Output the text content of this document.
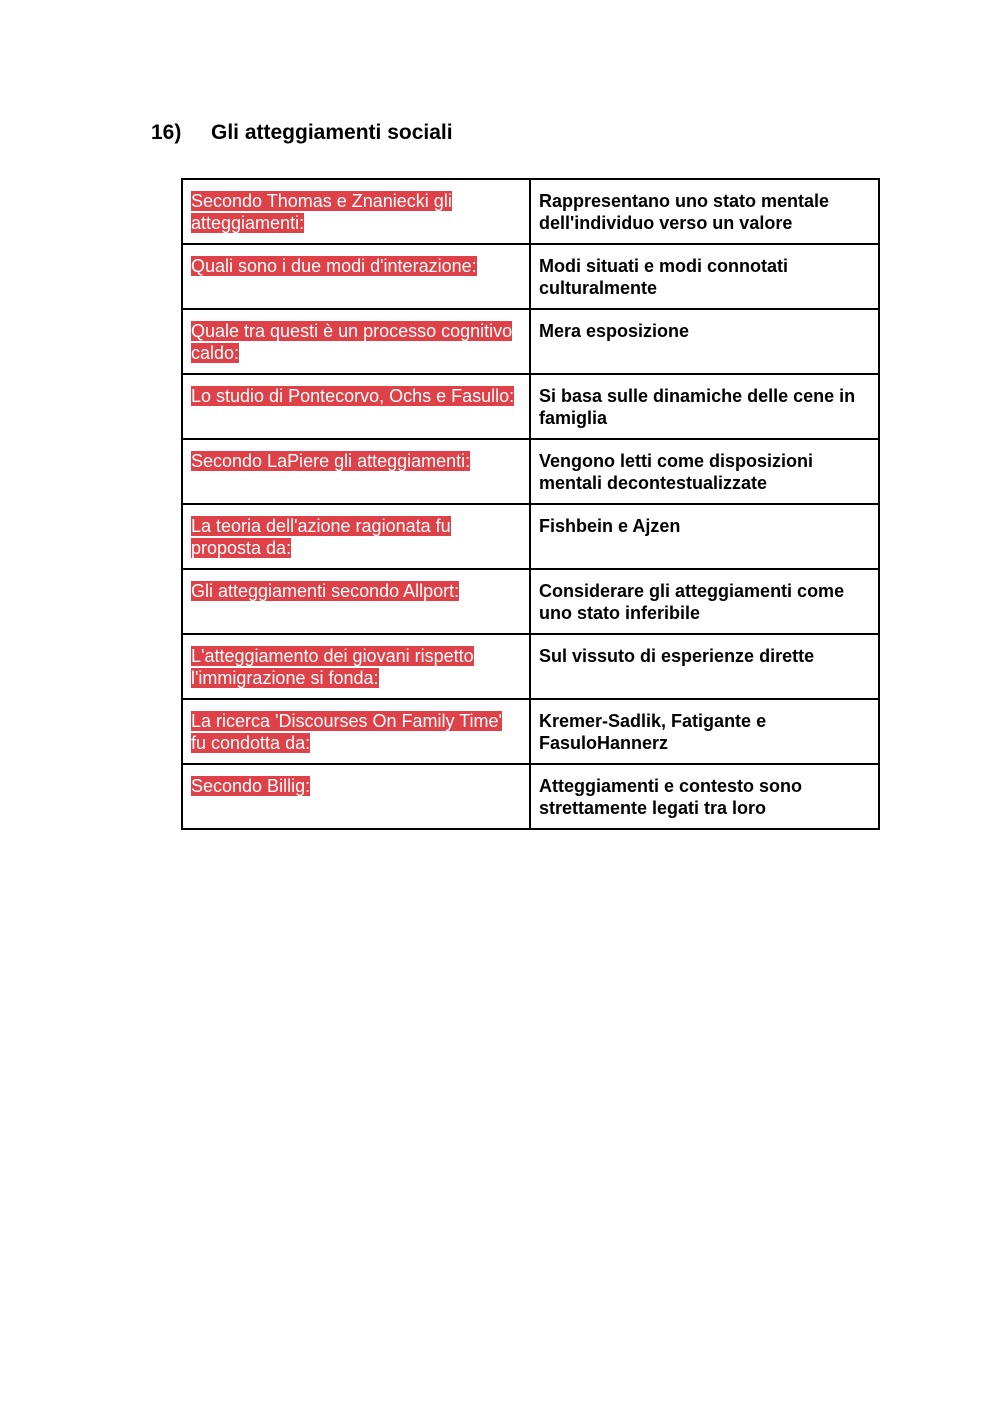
16) Gli atteggiamenti sociali
Secondo Thomas e Znaniecki gli atteggiamenti:	Rappresentano uno stato mentale dell'individuo verso un valore
Quali sono i due modi d'interazione:	Modi situati e modi connotati culturalmente
Quale tra questi è un processo cognitivo caldo:	Mera esposizione
Lo studio di Pontecorvo, Ochs e Fasullo:	Si basa sulle dinamiche delle cene in famiglia
Secondo LaPiere gli atteggiamenti:	Vengono letti come disposizioni mentali decontestualizzate
La teoria dell'azione ragionata fu proposta da:	Fishbein e Ajzen
Gli atteggiamenti secondo Allport:	Considerare gli atteggiamenti come uno stato inferibile
L'atteggiamento dei giovani rispetto l'immigrazione si fonda:	Sul vissuto di esperienze dirette
La ricerca 'Discourses On Family Time' fu condotta da:	Kremer-Sadlik, Fatigante e FasuloHannerz
Secondo Billig:	Atteggiamenti e contesto sono strettamente legati tra loro
